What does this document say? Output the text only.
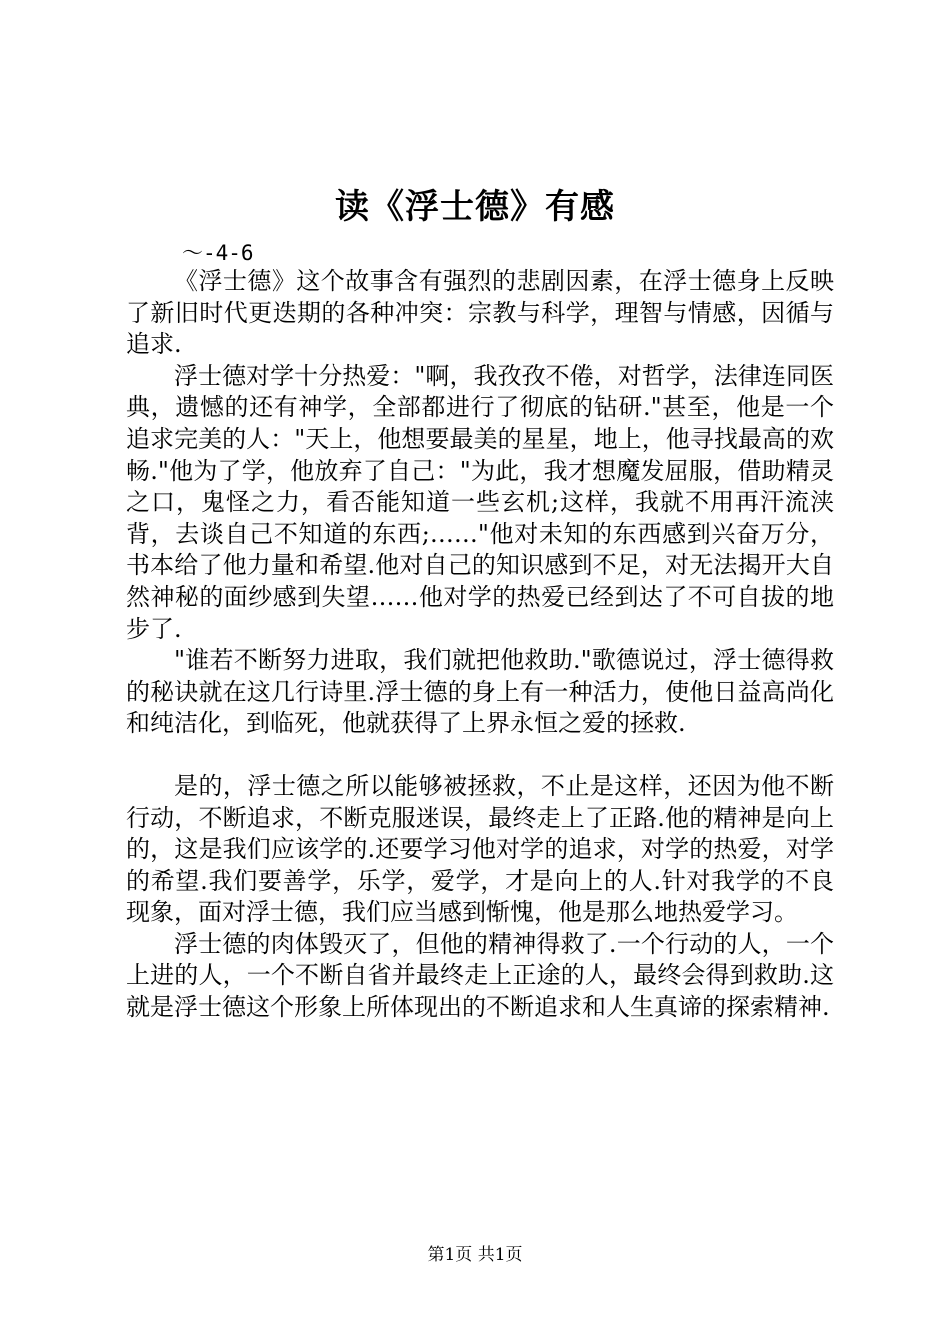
读《浮士德》有感
～-4-6

《浮士德》这个故事含有强烈的悲剧因素，在浮士德身上反映了新旧时代更迭期的各种冲突：宗教与科学，理智与情感，因循与追求.

浮士德对学十分热爱："啊，我孜孜不倦，对哲学，法律连同医典，遗憾的还有神学，全部都进行了彻底的钻研."甚至，他是一个追求完美的人："天上，他想要最美的星星，地上，他寻找最高的欢畅."他为了学，他放弃了自己："为此，我才想魔发屈服，借助精灵之口，鬼怪之力，看否能知道一些玄机;这样，我就不用再汗流浃背，去谈自己不知道的东西;……"他对未知的东西感到兴奋万分，书本给了他力量和希望.他对自己的知识感到不足，对无法揭开大自然神秘的面纱感到失望……他对学的热爱已经到达了不可自拔的地步了.

"谁若不断努力进取，我们就把他救助."歌德说过，浮士德得救的秘诀就在这几行诗里.浮士德的身上有一种活力，使他日益高尚化和纯洁化，到临死，他就获得了上界永恒之爱的拯救.

是的，浮士德之所以能够被拯救，不止是这样，还因为他不断行动，不断追求，不断克服迷误，最终走上了正路.他的精神是向上的，这是我们应该学的.还要学习他对学的追求，对学的热爱，对学的希望.我们要善学，乐学，爱学，才是向上的人.针对我学的不良现象，面对浮士德，我们应当感到惭愧，他是那么地热爱学习。

浮士德的肉体毁灭了，但他的精神得救了.一个行动的人，一个上进的人，一个不断自省并最终走上正途的人，最终会得到救助.这就是浮士德这个形象上所体现出的不断追求和人生真谛的探索精神.

第1页 共1页
